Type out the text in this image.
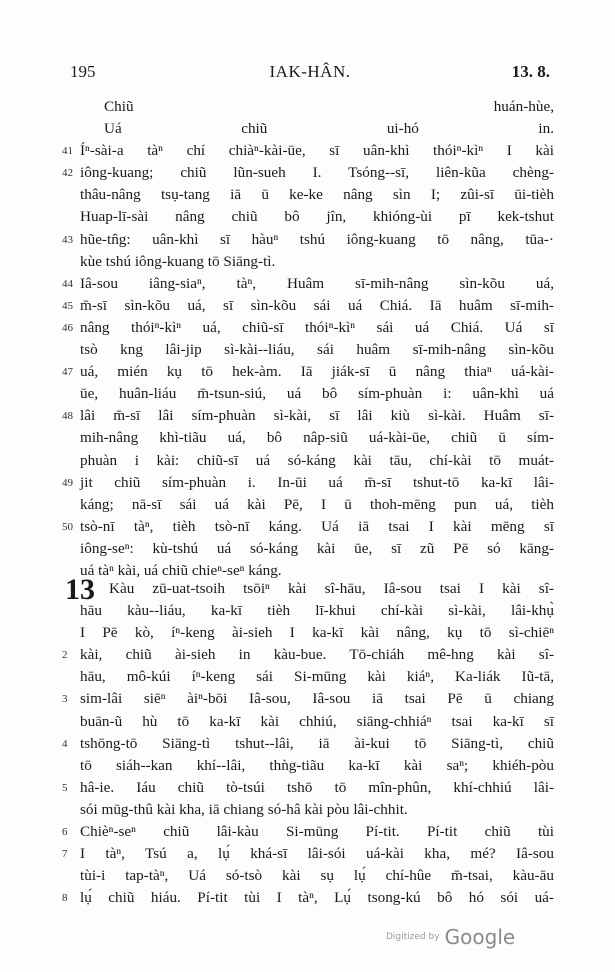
195	IAK-HÂN.	13. 8.
Chiũ huán-hùe,
Uá chiũ ui-hó in.
41 Íⁿ-sài-a tàⁿ chí chiàⁿ-kài-ūe, sī uân-khì thóiⁿ-kìⁿ I kài
42 iông-kuang; chiũ lũn-sueh I. Tsóng--sī, liên-kũa chèng-
thâu-nâng tsụ-tang iā ū ke-ke nâng sìn I; zûi-sī ūi-tièh
Huap-lī-sài nâng chiũ bô jîn, khióng-ùi pī kek-tshut
43 hũe-tn̂g: uân-khì sī hàuⁿ tshú iông-kuang tō nâng, tūa-·
kùe tshú iông-kuang tō Siāng-tì.
44 Iâ-sou iâng-siaⁿ, tàⁿ, Huâm sī-mih-nâng sìn-kõu uá,
45 m̄-sī sìn-kõu uá, sī sìn-kõu sái uá Chiá. Iā huâm sī-mih-
46 nâng thóiⁿ-kìⁿ uá, chiũ-sī thóiⁿ-kìⁿ sái uá Chiá. Uá sī
tsò kng lâi-jip sì-kài--liáu, sái huâm sī-mih-nâng sìn-kõu
47 uá, mién kụ tō hek-àm. Iā jiák-sī ū nâng thiaⁿ uá-kài-
ūe, huân-liáu m̄-tsun-siú, uá bô sím-phuàn i: uân-khì uá
48 lâi m̄-sī lâi sím-phuàn sì-kài, sī lâi kiù sì-kài. Huâm sī-
mih-nâng khì-tiãu uá, bô nâp-siũ uá-kài-ūe, chiũ ū sím-
phuàn i kài: chiũ-sī uá só-káng kài tāu, chí-kài tō muát-
49 jit chiũ sím-phuàn i. In-ūi uá m̄-sī tshut-tō ka-kī lâi-
káng; nā-sī sái uá kài Pē, I ū thoh-mēng pun uá, tièh
50 tsò-nī tàⁿ, tièh tsò-nī káng. Uá iā tsai I kài mēng sī
iông-seⁿ: kù-tshú uá só-káng kài ūe, sī zũ Pē só kāng-
uá tàⁿ kài, uá chiũ chieⁿ-seⁿ káng.
13 Kàu zū-uat-tsoih tsōiⁿ kài sî-hāu, Iâ-sou tsai I kài sî-
hāu kàu--liáu, ka-kī tièh lī-khui chí-kài sì-kài, lâi-khụ̀
I Pē kò, íⁿ-keng ài-sieh I ka-kī kài nâng, kụ tō sì-chiēⁿ
2 kài, chiũ ài-sieh in kàu-bue. Tō-chiáh mê-hng kài sî-
hāu, mô-kúi íⁿ-keng sái Si-mūng kài kiáⁿ, Ka-liák Iũ-tā,
3 sim-lâi siēⁿ àiⁿ-bōi Iâ-sou, Iâ-sou iā tsai Pē ū chiang
buān-ũ hù tō ka-kī kài chhiú, siāng-chhiáⁿ tsai ka-kī sī
4 tshōng-tō Siāng-tì tshut--lâi, iā ài-kui tō Siāng-tì, chiũ
tō siáh--kan khí--lâi, thǹg-tiãu ka-kī kài saⁿ; khiéh-pòu
5 hâ-ie. Iáu chiũ tò-tsúi tshō tō mîn-phûn, khí-chhiú lâi-
sói mūg-thû kài kha, iā chiang só-hâ kài pòu lâi-chhit.
6 Chièⁿ-seⁿ chiũ lâi-kàu Si-mūng Pí-tit. Pí-tit chiũ tùi
7 I tàⁿ, Tsú a, lụ́ khá-sī lâi-sói uá-kài kha, mé? Iâ-sou
tùi-i tap-tàⁿ, Uá só-tsò kài sụ lụ́ chí-hûe m̄-tsai, kàu-āu
8 lụ́ chiũ hiáu. Pí-tit tùi I tàⁿ, Lụ́ tsong-kú bô hó sói uá-
Digitized by Google
